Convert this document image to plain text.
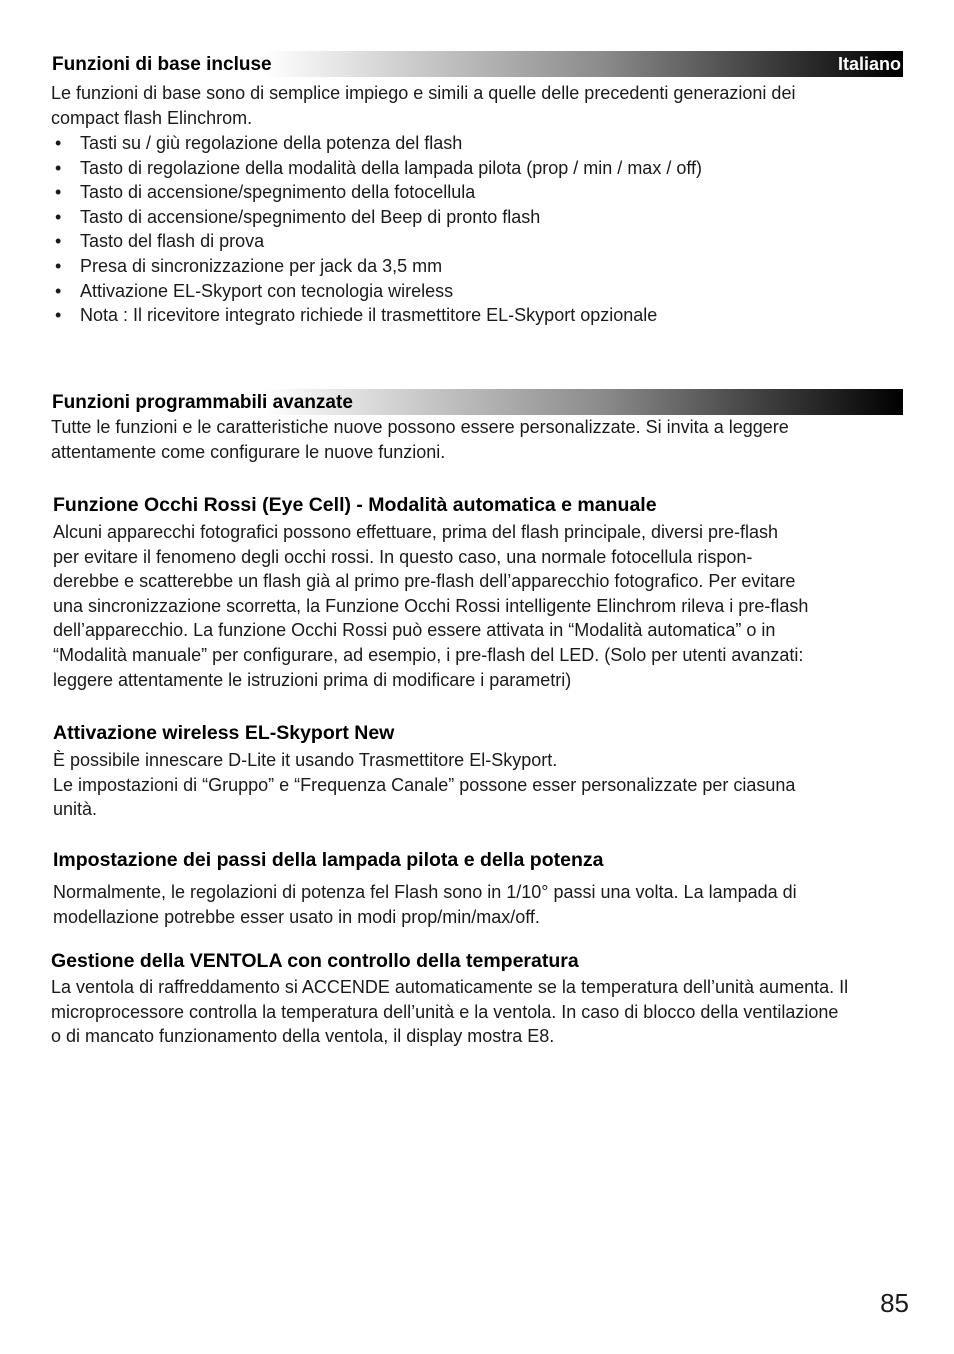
Funzioni di base incluse	Italiano

Le funzioni di base sono di semplice impiego e simili a quelle delle precedenti generazioni dei

compact flash Elinchrom.

• Tasti su / giù regolazione della potenza del flash
• Tasto di regolazione della modalità della lampada pilota (prop / min / max / off)
• Tasto di accensione/spegnimento della fotocellula
• Tasto di accensione/spegnimento del Beep di pronto flash
• Tasto del flash di prova
• Presa di sincronizzazione per jack da 3,5 mm
• Attivazione EL-Skyport con tecnologia wireless
• Nota : Il ricevitore integrato richiede il trasmettitore EL-Skyport opzionale
Funzioni programmabili avanzate

Tutte le funzioni e le caratteristiche nuove possono essere personalizzate. Si invita a leggere

attentamente come configurare le nuove funzioni.

Funzione Occhi Rossi (Eye Cell) - Modalità automatica e manuale

Alcuni apparecchi fotografici possono effettuare, prima del flash principale, diversi pre-flash

per evitare il fenomeno degli occhi rossi. In questo caso, una normale fotocellula rispon-

derebbe e scatterebbe un flash già al primo pre-flash dell’apparecchio fotografico. Per evitare

una sincronizzazione scorretta, la Funzione Occhi Rossi intelligente Elinchrom rileva i pre-flash

dell’apparecchio. La funzione Occhi Rossi può essere attivata in “Modalità automatica” o in

“Modalità manuale” per configurare, ad esempio, i pre-flash del LED. (Solo per utenti avanzati:

leggere attentamente le istruzioni prima di modificare i parametri)

Attivazione wireless EL-Skyport New

È possibile innescare D-Lite it usando Trasmettitore El-Skyport.

Le impostazioni di “Gruppo” e “Frequenza Canale” possone esser personalizzate per ciasuna

unità.

Impostazione dei passi della lampada pilota e della potenza

Normalmente, le regolazioni di potenza fel Flash sono in 1/10° passi una volta. La lampada di

modellazione potrebbe esser usato in modi prop/min/max/off.

Gestione della VENTOLA con controllo della temperatura

La ventola di raffreddamento si ACCENDE automaticamente se la temperatura dell’unità aumenta. Il

microprocessore controlla la temperatura dell’unità e la ventola. In caso di blocco della ventilazione

o di mancato funzionamento della ventola, il display mostra E8.

85
